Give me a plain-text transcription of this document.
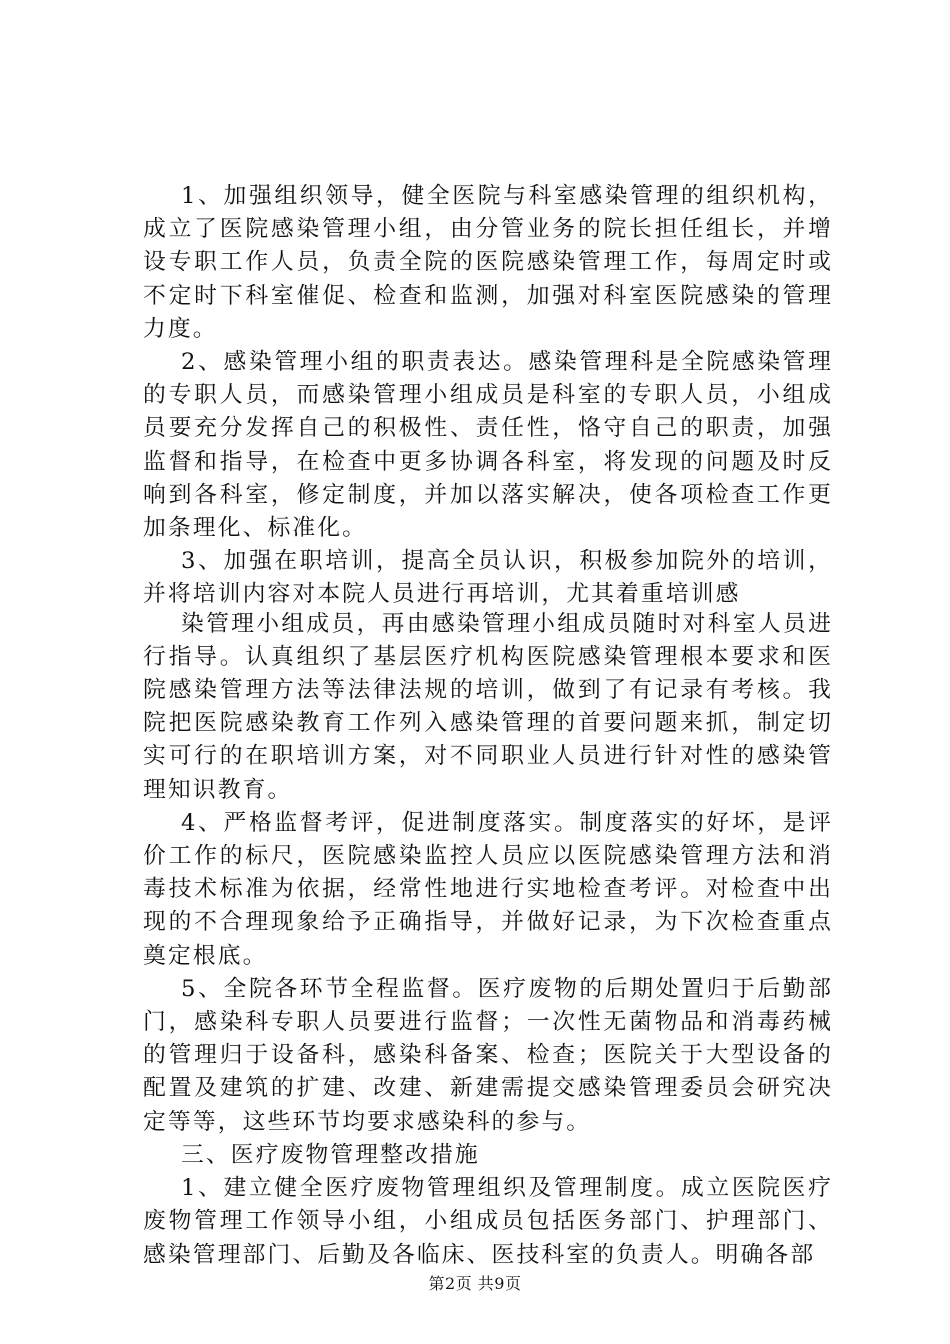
1、加强组织领导，健全医院与科室感染管理的组织机构，成立了医院感染管理小组，由分管业务的院长担任组长，并增设专职工作人员，负责全院的医院感染管理工作，每周定时或不定时下科室催促、检查和监测，加强对科室医院感染的管理力度。

2、感染管理小组的职责表达。感染管理科是全院感染管理的专职人员，而感染管理小组成员是科室的专职人员，小组成员要充分发挥自己的积极性、责任性，恪守自己的职责，加强监督和指导，在检查中更多协调各科室，将发现的问题及时反响到各科室，修定制度，并加以落实解决，使各项检查工作更加条理化、标准化。

3、加强在职培训，提高全员认识，积极参加院外的培训，并将培训内容对本院人员进行再培训，尤其着重培训感

染管理小组成员，再由感染管理小组成员随时对科室人员进行指导。认真组织了基层医疗机构医院感染管理根本要求和医院感染管理方法等法律法规的培训，做到了有记录有考核。我院把医院感染教育工作列入感染管理的首要问题来抓，制定切实可行的在职培训方案，对不同职业人员进行针对性的感染管理知识教育。

4、严格监督考评，促进制度落实。制度落实的好坏，是评价工作的标尺，医院感染监控人员应以医院感染管理方法和消毒技术标准为依据，经常性地进行实地检查考评。对检查中出现的不合理现象给予正确指导，并做好记录，为下次检查重点奠定根底。

5、全院各环节全程监督。医疗废物的后期处置归于后勤部门，感染科专职人员要进行监督；一次性无菌物品和消毒药械的管理归于设备科，感染科备案、检查；医院关于大型设备的配置及建筑的扩建、改建、新建需提交感染管理委员会研究决定等等，这些环节均要求感染科的参与。

三、医疗废物管理整改措施

1、建立健全医疗废物管理组织及管理制度。成立医院医疗废物管理工作领导小组，小组成员包括医务部门、护理部门、感染管理部门、后勤及各临床、医技科室的负责人。明确各部

第2页 共9页
